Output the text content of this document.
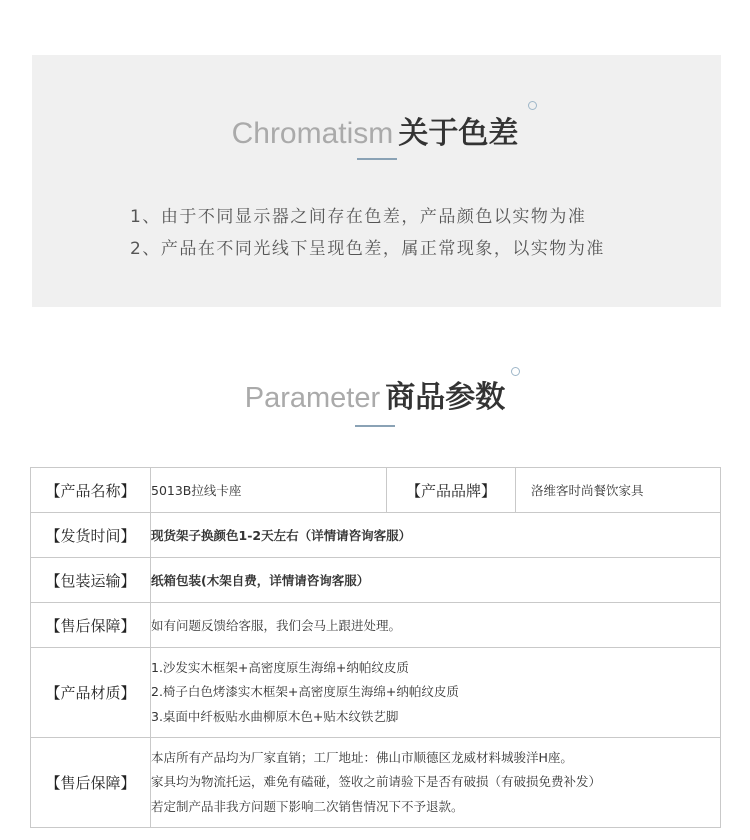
Chromatism 关于色差
1、由于不同显示器之间存在色差，产品颜色以实物为准
2、产品在不同光线下呈现色差，属正常现象，以实物为准
Parameter 商品参数
【产品名称】	5013B拉线卡座	【产品品牌】	洛维客时尚餐饮家具
【发货时间】	现货架子换颜色1-2天左右（详情请咨询客服）		
【包装运输】	纸箱包装(木架自费，详情请咨询客服）		
【售后保障】	如有问题反馈给客服，我们会马上跟进处理。		
【产品材质】	1.沙发实木框架+高密度原生海绵+纳帕纹皮质
2.椅子白色烤漆实木框架+高密度原生海绵+纳帕纹皮质
3.桌面中纤板贴水曲柳原木色+贴木纹铁艺脚		

【售后保障】	本店所有产品均为厂家直销；工厂地址：佛山市顺德区龙威材料城骏洋H座。
家具均为物流托运，难免有磕碰，签收之前请验下是否有破损（有破损免费补发）
若定制产品非我方问题下影响二次销售情况下不予退款。		
